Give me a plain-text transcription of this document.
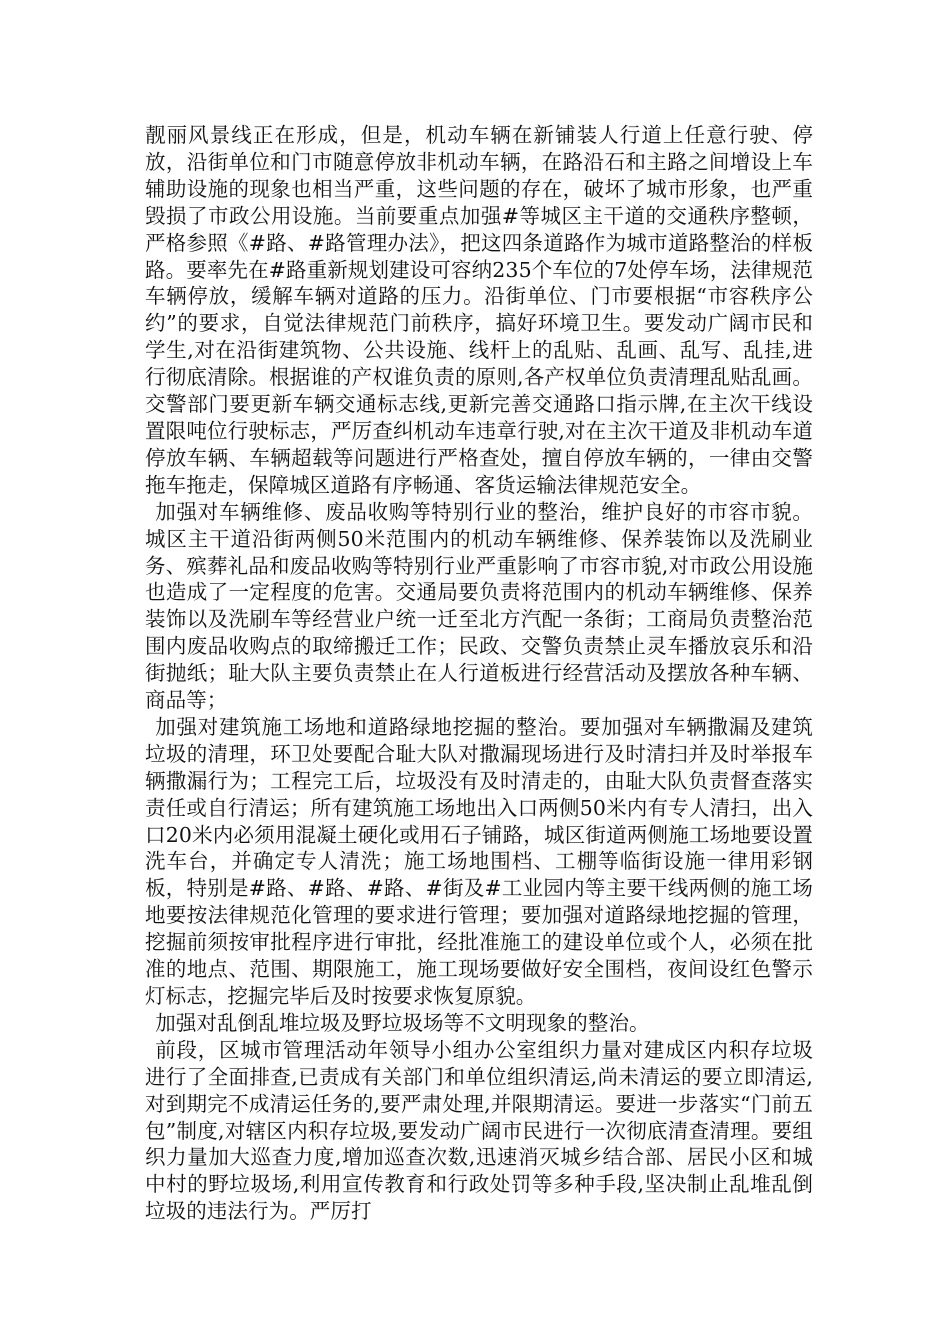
靓丽风景线正在形成，但是，机动车辆在新铺装人行道上任意行驶、停放，沿街单位和门市随意停放非机动车辆，在路沿石和主路之间增设上车辅助设施的现象也相当严重，这些问题的存在，破坏了城市形象，也严重毁损了市政公用设施。当前要重点加强#等城区主干道的交通秩序整顿，严格参照《#路、#路管理办法》，把这四条道路作为城市道路整治的样板路。要率先在#路重新规划建设可容纳235个车位的7处停车场，法律规范车辆停放，缓解车辆对道路的压力。沿街单位、门市要根据“市容秩序公约”的要求，自觉法律规范门前秩序，搞好环境卫生。要发动广阔市民和学生,对在沿街建筑物、公共设施、线杆上的乱贴、乱画、乱写、乱挂,进行彻底清除。根据谁的产权谁负责的原则,各产权单位负责清理乱贴乱画。交警部门要更新车辆交通标志线,更新完善交通路口指示牌,在主次干线设置限吨位行驶标志，严厉查纠机动车违章行驶,对在主次干道及非机动车道停放车辆、车辆超载等问题进行严格查处，擅自停放车辆的，一律由交警拖车拖走，保障城区道路有序畅通、客货运输法律规范安全。

加强对车辆维修、废品收购等特别行业的整治，维护良好的市容市貌。城区主干道沿街两侧50米范围内的机动车辆维修、保养装饰以及洗刷业务、殡葬礼品和废品收购等特别行业严重影响了市容市貌,对市政公用设施也造成了一定程度的危害。交通局要负责将范围内的机动车辆维修、保养装饰以及洗刷车等经营业户统一迁至北方汽配一条街；工商局负责整治范围内废品收购点的取缔搬迁工作；民政、交警负责禁止灵车播放哀乐和沿街抛纸；耻大队主要负责禁止在人行道板进行经营活动及摆放各种车辆、商品等；

加强对建筑施工场地和道路绿地挖掘的整治。要加强对车辆撒漏及建筑垃圾的清理，环卫处要配合耻大队对撒漏现场进行及时清扫并及时举报车辆撒漏行为；工程完工后，垃圾没有及时清走的，由耻大队负责督查落实责任或自行清运；所有建筑施工场地出入口两侧50米内有专人清扫，出入口20米内必须用混凝土硬化或用石子铺路，城区街道两侧施工场地要设置洗车台，并确定专人清洗；施工场地围档、工棚等临街设施一律用彩钢板，特别是#路、#路、#路、#街及#工业园内等主要干线两侧的施工场地要按法律规范化管理的要求进行管理；要加强对道路绿地挖掘的管理，挖掘前须按审批程序进行审批，经批准施工的建设单位或个人，必须在批准的地点、范围、期限施工，施工现场要做好安全围档，夜间设红色警示灯标志，挖掘完毕后及时按要求恢复原貌。

加强对乱倒乱堆垃圾及野垃圾场等不文明现象的整治。

前段，区城市管理活动年领导小组办公室组织力量对建成区内积存垃圾进行了全面排查,已责成有关部门和单位组织清运,尚未清运的要立即清运,对到期完不成清运任务的,要严肃处理,并限期清运。要进一步落实“门前五包”制度,对辖区内积存垃圾,要发动广阔市民进行一次彻底清查清理。要组织力量加大巡查力度,增加巡查次数,迅速消灭城乡结合部、居民小区和城中村的野垃圾场,利用宣传教育和行政处罚等多种手段,坚决制止乱堆乱倒垃圾的违法行为。严厉打
